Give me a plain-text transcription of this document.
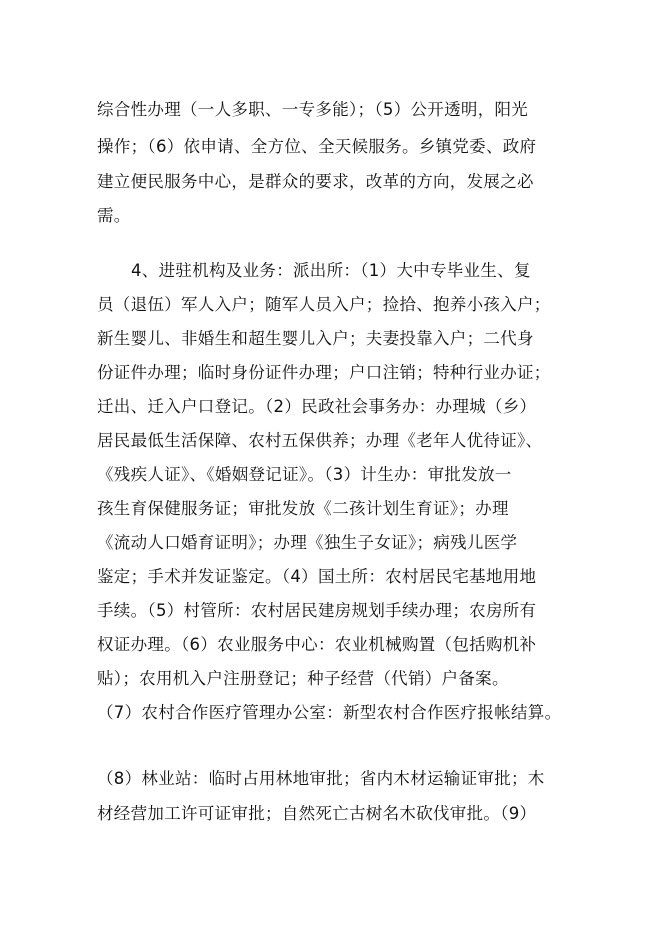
综合性办理（一人多职、一专多能）；（5）公开透明，阳光
操作；（6）依申请、全方位、全天候服务。乡镇党委、政府
建立便民服务中心，是群众的要求，改革的方向，发展之必
需。
4、进驻机构及业务：派出所：（1）大中专毕业生、复
员（退伍）军人入户；随军人员入户；捡拾、抱养小孩入户；
新生婴儿、非婚生和超生婴儿入户；夫妻投靠入户；二代身
份证件办理；临时身份证件办理；户口注销；特种行业办证；
迁出、迁入户口登记。（2）民政社会事务办：办理城（乡）
居民最低生活保障、农村五保供养；办理《老年人优待证》、
《残疾人证》、《婚姻登记证》。（3）计生办：审批发放一
孩生育保健服务证；审批发放《二孩计划生育证》；办理
《流动人口婚育证明》；办理《独生子女证》；病残儿医学
鉴定；手术并发证鉴定。（4）国土所：农村居民宅基地用地
手续。（5）村管所：农村居民建房规划手续办理；农房所有
权证办理。（6）农业服务中心：农业机械购置（包括购机补
贴）；农用机入户注册登记；种子经营（代销）户备案。
（7）农村合作医疗管理办公室：新型农村合作医疗报帐结算。
（8）林业站：临时占用林地审批；省内木材运输证审批；木
材经营加工许可证审批；自然死亡古树名木砍伐审批。（9）
